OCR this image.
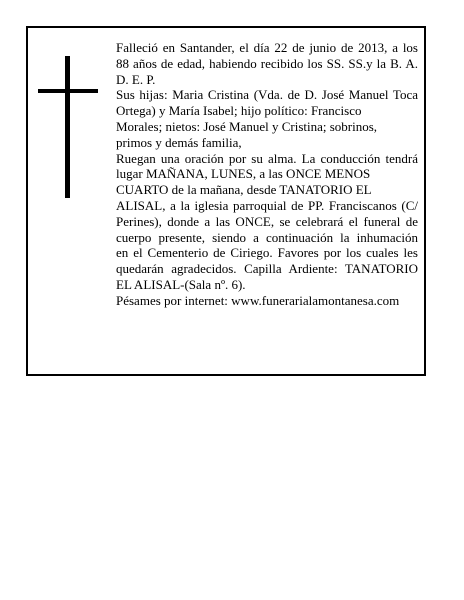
Falleció en Santander, el día 22 de junio de 2013, a los
88 años de edad, habiendo recibido los SS. SS.y la B. A.
D. E. P.
Sus hijas: Maria Cristina (Vda. de D. José Manuel Toca
Ortega) y María Isabel; hijo político: Francisco
Morales; nietos: José Manuel y Cristina; sobrinos,
primos y demás familia,
Ruegan una oración por su alma. La conducción tendrá
lugar MAÑANA, LUNES, a las ONCE MENOS
CUARTO de la mañana, desde TANATORIO EL
ALISAL, a la iglesia parroquial de PP. Franciscanos (C/
Perines), donde a las ONCE, se celebrará el funeral de
cuerpo presente, siendo a continuación la inhumación
en el Cementerio de Ciriego. Favores por los cuales les
quedarán agradecidos. Capilla Ardiente: TANATORIO
EL ALISAL-(Sala nº. 6).
Pésames por internet: www.funerarialamontanesa.com
